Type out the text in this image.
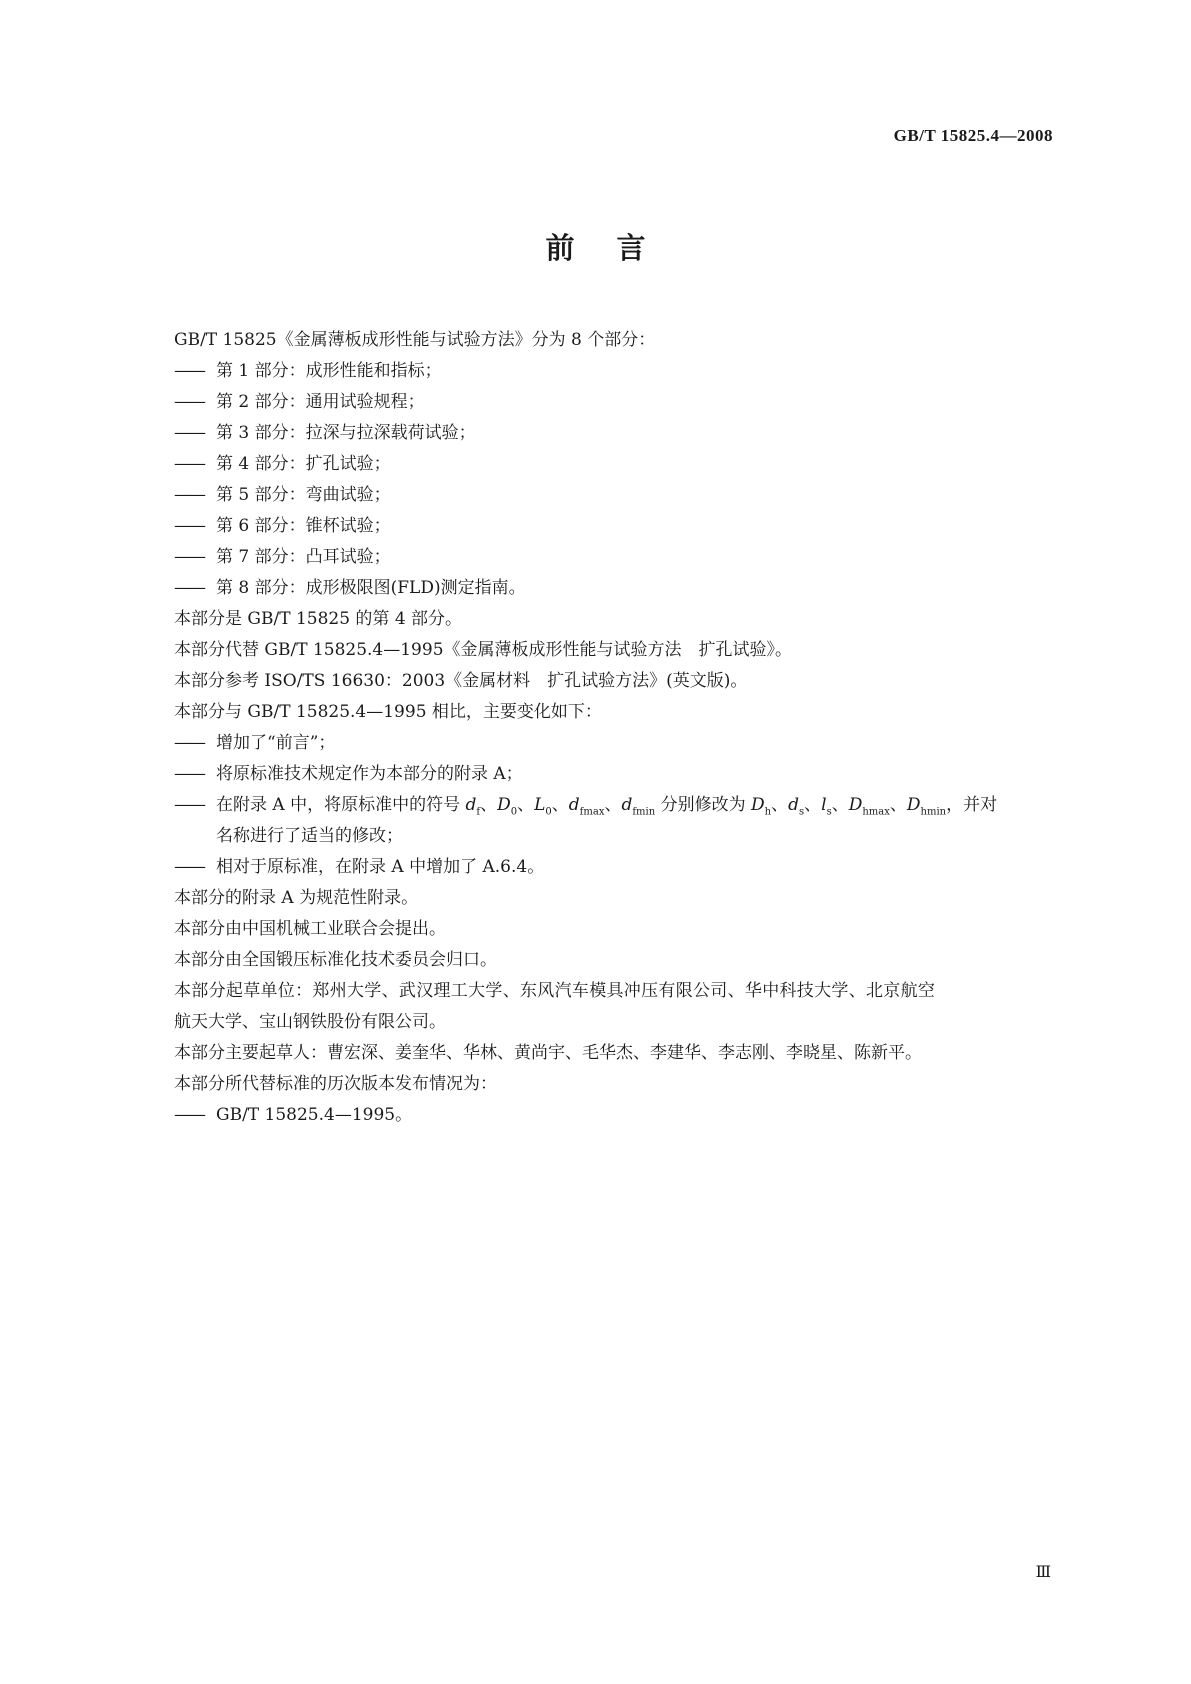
GB/T 15825.4—2008
前言
GB/T 15825《金属薄板成形性能与试验方法》分为 8 个部分：
—— 第 1 部分：成形性能和指标；
—— 第 2 部分：通用试验规程；
—— 第 3 部分：拉深与拉深载荷试验；
—— 第 4 部分：扩孔试验；
—— 第 5 部分：弯曲试验；
—— 第 6 部分：锥杯试验；
—— 第 7 部分：凸耳试验；
—— 第 8 部分：成形极限图(FLD)测定指南。
本部分是 GB/T 15825 的第 4 部分。
本部分代替 GB/T 15825.4—1995《金属薄板成形性能与试验方法　扩孔试验》。
本部分参考 ISO/TS 16630：2003《金属材料　扩孔试验方法》(英文版)。
本部分与 GB/T 15825.4—1995 相比，主要变化如下：
—— 增加了“前言”；
—— 将原标准技术规定作为本部分的附录 A；
—— 在附录 A 中，将原标准中的符号 $d_f$、$D_0$、$L_0$、$d_{fmax}$、$d_{fmin}$ 分别修改为 $D_h$、$d_s$、$l_s$、$D_{hmax}$、$D_{hmin}$，并对
名称进行了适当的修改；
—— 相对于原标准，在附录 A 中增加了 A.6.4。
本部分的附录 A 为规范性附录。
本部分由中国机械工业联合会提出。
本部分由全国锻压标准化技术委员会归口。
本部分起草单位：郑州大学、武汉理工大学、东风汽车模具冲压有限公司、华中科技大学、北京航空
航天大学、宝山钢铁股份有限公司。
本部分主要起草人：曹宏深、姜奎华、华林、黄尚宇、毛华杰、李建华、李志刚、李晓星、陈新平。
本部分所代替标准的历次版本发布情况为：
—— GB/T 15825.4—1995。
Ⅲ
